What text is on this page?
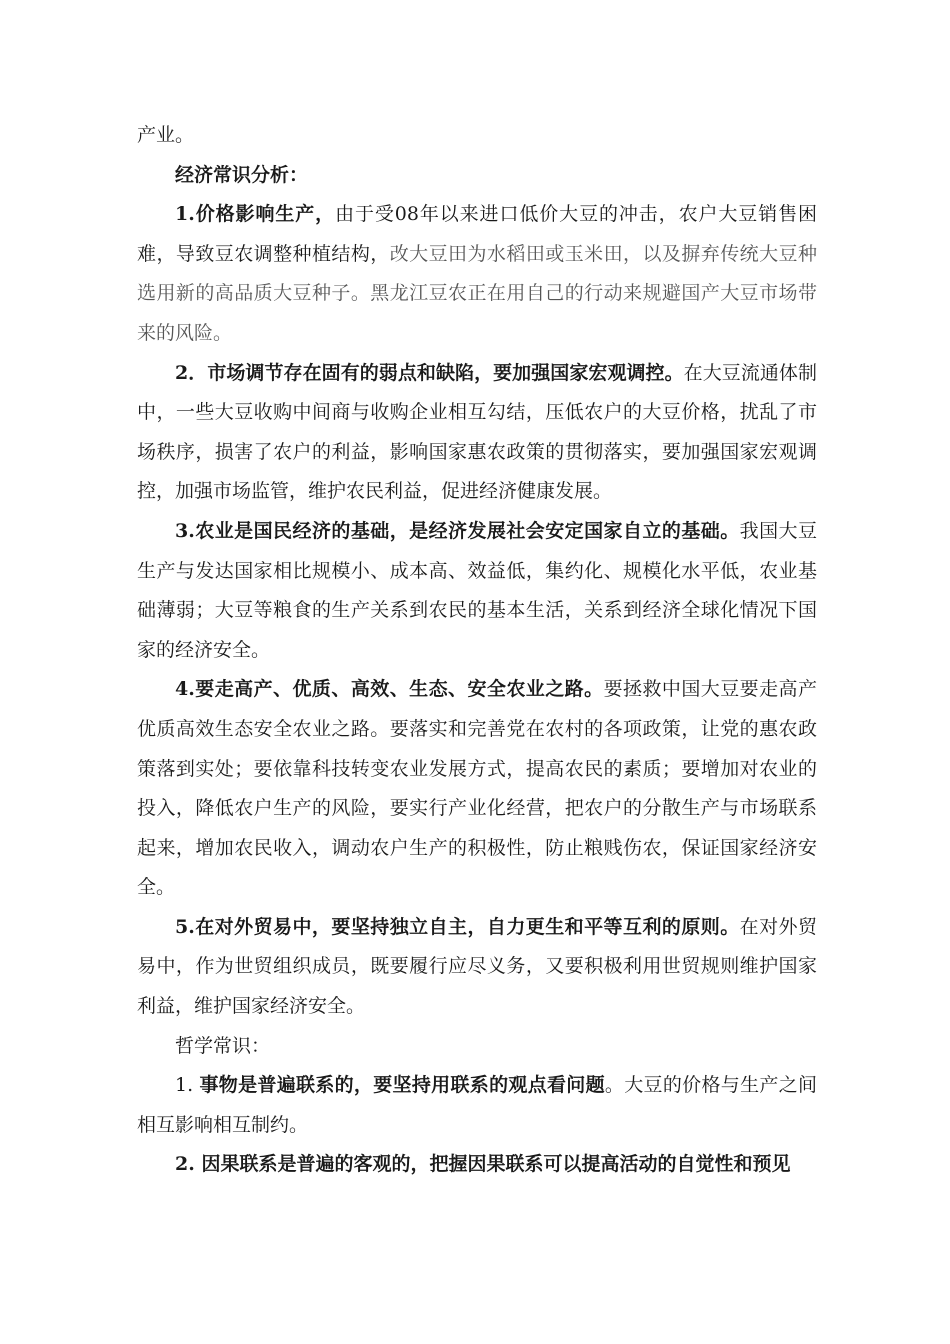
产业。

经济常识分析：

1.价格影响生产，由于受08年以来进口低价大豆的冲击，农户大豆销售困难，导致豆农调整种植结构，改大豆田为水稻田或玉米田，以及摒弃传统大豆种选用新的高品质大豆种子。黑龙江豆农正在用自己的行动来规避国产大豆市场带来的风险。

2．市场调节存在固有的弱点和缺陷，要加强国家宏观调控。在大豆流通体制中，一些大豆收购中间商与收购企业相互勾结，压低农户的大豆价格，扰乱了市场秩序，损害了农户的利益，影响国家惠农政策的贯彻落实，要加强国家宏观调控，加强市场监管，维护农民利益，促进经济健康发展。

3.农业是国民经济的基础，是经济发展社会安定国家自立的基础。我国大豆生产与发达国家相比规模小、成本高、效益低，集约化、规模化水平低，农业基础薄弱；大豆等粮食的生产关系到农民的基本生活，关系到经济全球化情况下国家的经济安全。

4.要走高产、优质、高效、生态、安全农业之路。要拯救中国大豆要走高产优质高效生态安全农业之路。要落实和完善党在农村的各项政策，让党的惠农政策落到实处；要依靠科技转变农业发展方式，提高农民的素质；要增加对农业的投入，降低农户生产的风险，要实行产业化经营，把农户的分散生产与市场联系起来，增加农民收入，调动农户生产的积极性，防止粮贱伤农，保证国家经济安全。

5.在对外贸易中，要坚持独立自主，自力更生和平等互利的原则。在对外贸易中，作为世贸组织成员，既要履行应尽义务，又要积极利用世贸规则维护国家利益，维护国家经济安全。

哲学常识：

1. 事物是普遍联系的，要坚持用联系的观点看问题。大豆的价格与生产之间相互影响相互制约。

2. 因果联系是普遍的客观的，把握因果联系可以提高活动的自觉性和预见
